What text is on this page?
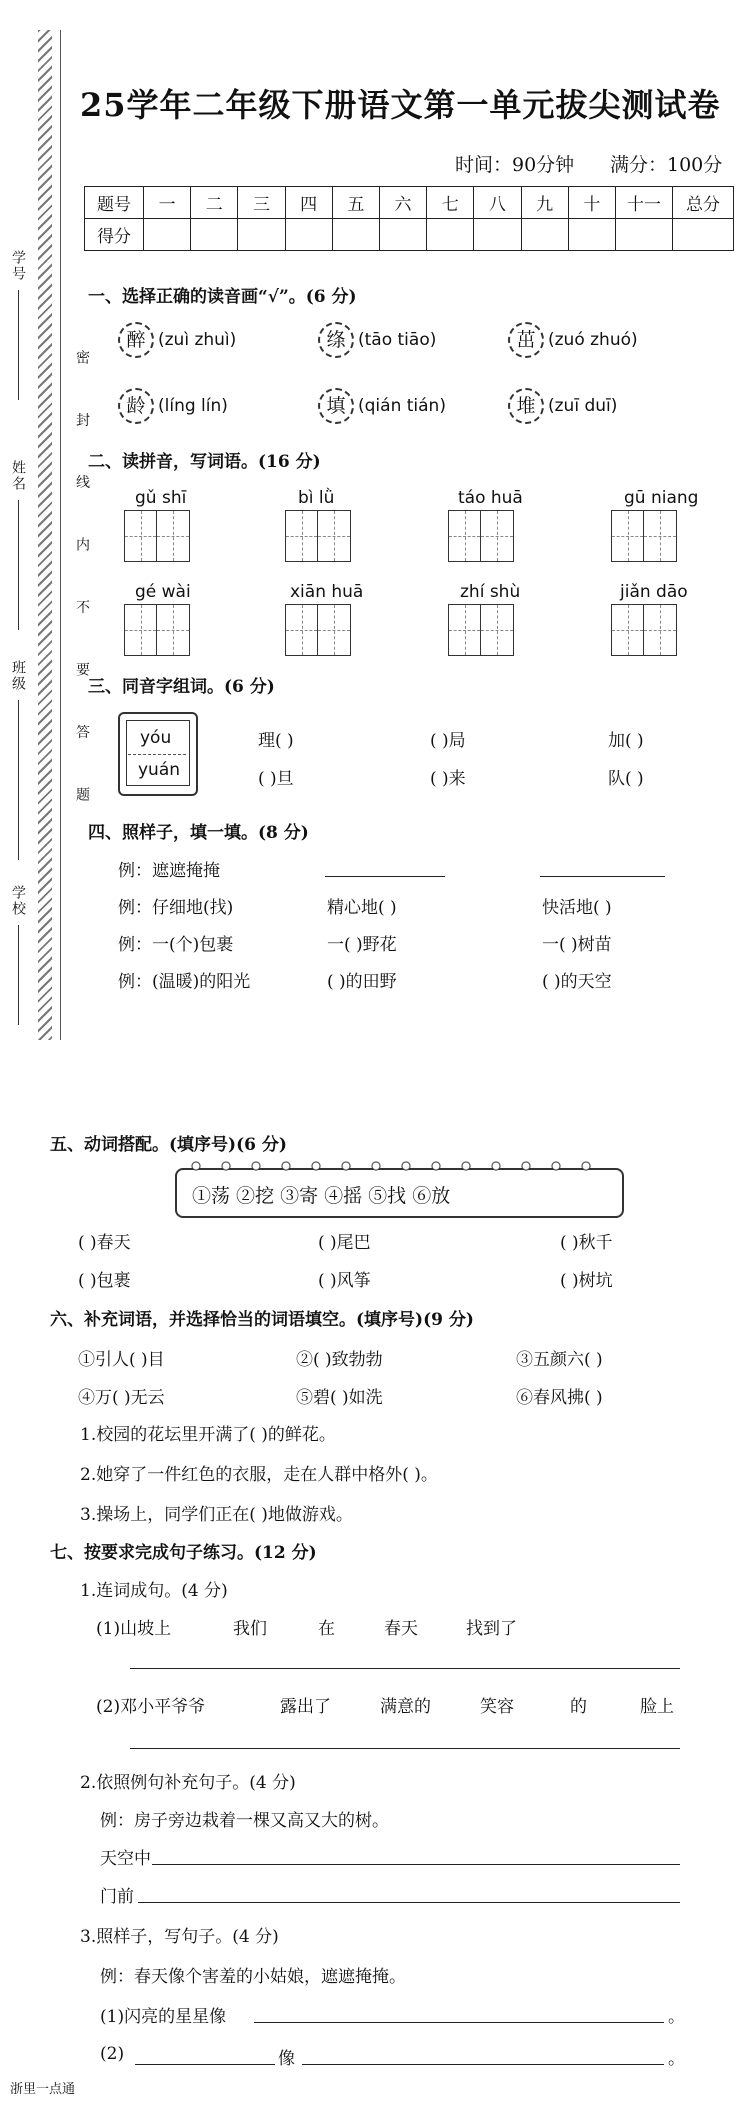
学号
姓名
班级
学校
密 封 线 内 不 要 答 题
25学年二年级下册语文第一单元拔尖测试卷
时间：90分钟 满分：100分
题号	一	二	三	四	五	六	七	八	九	十	十一	总分
得分												
一、选择正确的读音画“√”。(6 分)
醉 (zuì zhuì)	绦 (tāo tiāo)	茁 (zuó zhuó)
龄 (líng lín)	填 (qián tián)	堆 (zuī duī)
二、读拼音，写词语。(16 分)
gǔ shī	bì lǜ	táo huā	gū niang
gé wài	xiān huā	zhí shù	jiǎn dāo
三、同音字组词。(6 分)
yóu
yuán
理( )	( )局	加( )
( )旦	( )来	队( )
四、照样子，填一填。(8 分)
例：遮遮掩掩
例：仔细地(找)	精心地( )	快活地( )
例：一(个)包裹	一( )野花	一( )树苗
例：(温暖)的阳光	( )的田野	( )的天空
五、动词搭配。(填序号)(6 分)
①荡 ②挖 ③寄 ④摇 ⑤找 ⑥放
( )春天	( )尾巴	( )秋千
( )包裹	( )风筝	( )树坑
六、补充词语，并选择恰当的词语填空。(填序号)(9 分)
①引人( )目	②( )致勃勃	③五颜六( )
④万( )无云	⑤碧( )如洗	⑥春风拂( )
1.校园的花坛里开满了( )的鲜花。
2.她穿了一件红色的衣服，走在人群中格外( )。
3.操场上，同学们正在( )地做游戏。
七、按要求完成句子练习。(12 分)
1.连词成句。(4 分)
(1)山坡上	我们	在	春天	找到了
(2)邓小平爷爷	露出了	满意的	笑容	的	脸上
2.依照例句补充句子。(4 分)
例：房子旁边栽着一棵又高又大的树。
天空中
门前
3.照样子，写句子。(4 分)
例：春天像个害羞的小姑娘，遮遮掩掩。
(1)闪亮的星星像	。
(2)	像	。
浙里一点通
